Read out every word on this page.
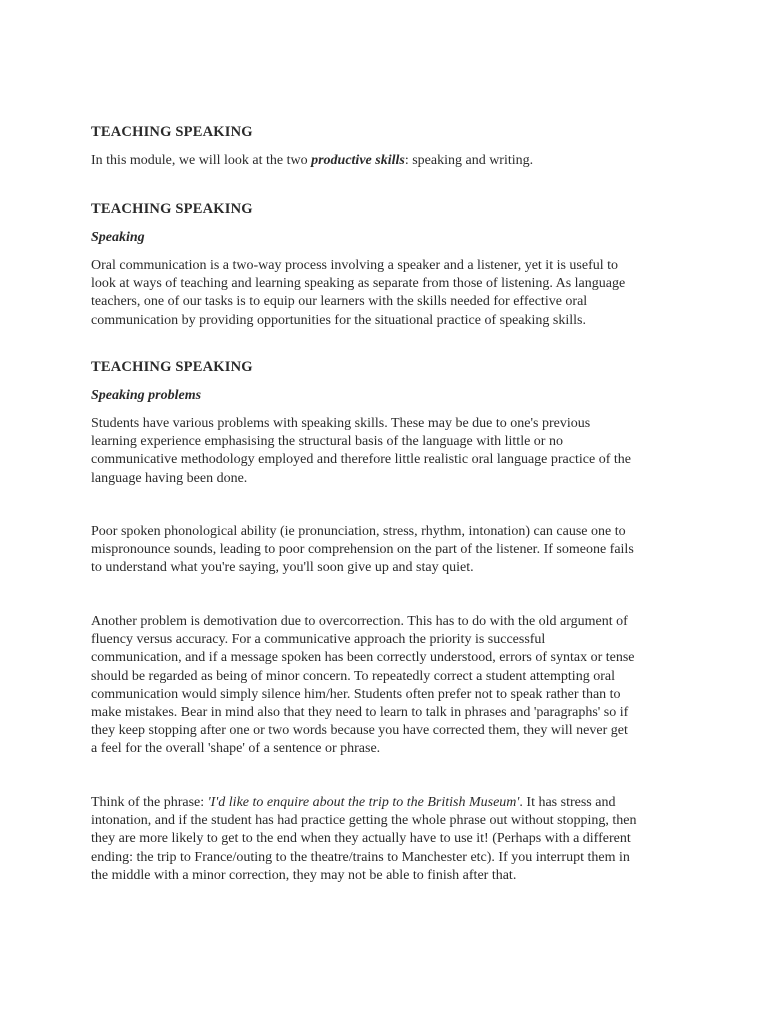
TEACHING SPEAKING

In this module, we will look at the two productive skills: speaking and writing.

TEACHING SPEAKING
Speaking

Oral communication is a two-way process involving a speaker and a listener, yet it is useful to
look at ways of teaching and learning speaking as separate from those of listening. As language
teachers, one of our tasks is to equip our learners with the skills needed for effective oral
communication by providing opportunities for the situational practice of speaking skills.

TEACHING SPEAKING
Speaking problems

Students have various problems with speaking skills. These may be due to one's previous
learning experience emphasising the structural basis of the language with little or no
communicative methodology employed and therefore little realistic oral language practice of the
language having been done.

Poor spoken phonological ability (ie pronunciation, stress, rhythm, intonation) can cause one to
mispronounce sounds, leading to poor comprehension on the part of the listener. If someone fails
to understand what you're saying, you'll soon give up and stay quiet.

Another problem is demotivation due to overcorrection. This has to do with the old argument of
fluency versus accuracy. For a communicative approach the priority is successful
communication, and if a message spoken has been correctly understood, errors of syntax or tense
should be regarded as being of minor concern. To repeatedly correct a student attempting oral
communication would simply silence him/her. Students often prefer not to speak rather than to
make mistakes. Bear in mind also that they need to learn to talk in phrases and 'paragraphs' so if
they keep stopping after one or two words because you have corrected them, they will never get
a feel for the overall 'shape' of a sentence or phrase.

Think of the phrase: 'I'd like to enquire about the trip to the British Museum'. It has stress and
intonation, and if the student has had practice getting the whole phrase out without stopping, then
they are more likely to get to the end when they actually have to use it! (Perhaps with a different
ending: the trip to France/outing to the theatre/trains to Manchester etc). If you interrupt them in
the middle with a minor correction, they may not be able to finish after that.
